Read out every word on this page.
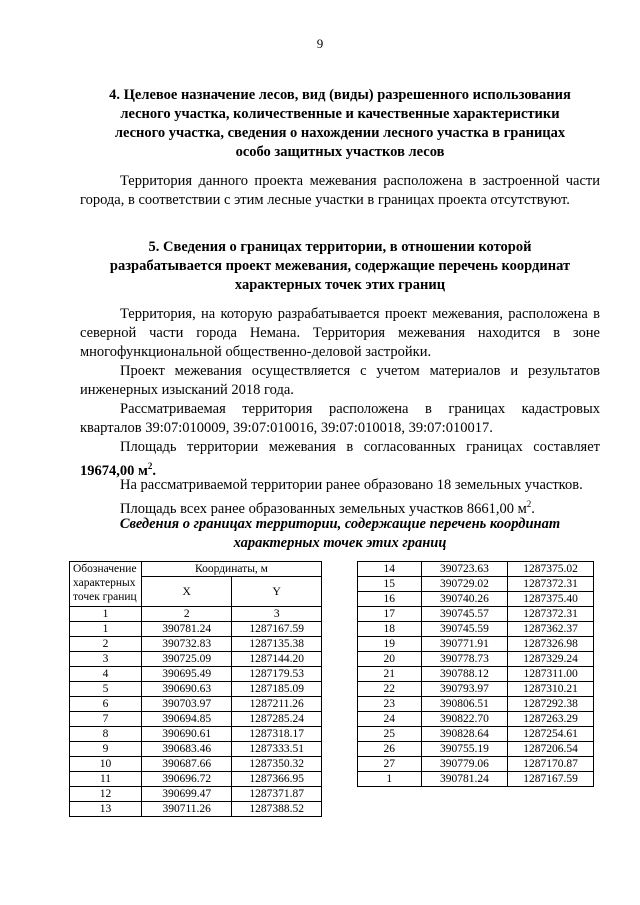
9
4. Целевое назначение лесов, вид (виды) разрешенного использования
лесного участка, количественные и качественные характеристики
лесного участка, сведения о нахождении лесного участка в границах
особо защитных участков лесов
Территория данного проекта межевания расположена в застроенной части города, в соответствии с этим лесные участки в границах проекта отсутствуют.
5. Сведения о границах территории, в отношении которой
разрабатывается проект межевания, содержащие перечень координат
характерных точек этих границ
Территория, на которую разрабатывается проект межевания, расположена в северной части города Немана. Территория межевания находится в зоне многофункциональной общественно-деловой застройки.
Проект межевания осуществляется с учетом материалов и результатов инженерных изысканий 2018 года.
Рассматриваемая территория расположена в границах кадастровых кварталов 39:07:010009, 39:07:010016, 39:07:010018, 39:07:010017.
Площадь территории межевания в согласованных границах составляет 19674,00 $м^2$.
На рассматриваемой территории ранее образовано 18 земельных участков.
Площадь всех ранее образованных земельных участков 8661,00 $м^2$.
Сведения о границах территории, содержащие перечень координат
характерных точек этих границ
Обозначение
характерных
точек границ	Координаты, м	
	X	Y
1	2	3
1	390781.24	1287167.59
2	390732.83	1287135.38
3	390725.09	1287144.20
4	390695.49	1287179.53
5	390690.63	1287185.09
6	390703.97	1287211.26
7	390694.85	1287285.24
8	390690.61	1287318.17
9	390683.46	1287333.51
10	390687.66	1287350.32
11	390696.72	1287366.95
12	390699.47	1287371.87
13	390711.26	1287388.52
14	390723.63	1287375.02
15	390729.02	1287372.31
16	390740.26	1287375.40
17	390745.57	1287372.31
18	390745.59	1287362.37
19	390771.91	1287326.98
20	390778.73	1287329.24
21	390788.12	1287311.00
22	390793.97	1287310.21
23	390806.51	1287292.38
24	390822.70	1287263.29
25	390828.64	1287254.61
26	390755.19	1287206.54
27	390779.06	1287170.87
1	390781.24	1287167.59
